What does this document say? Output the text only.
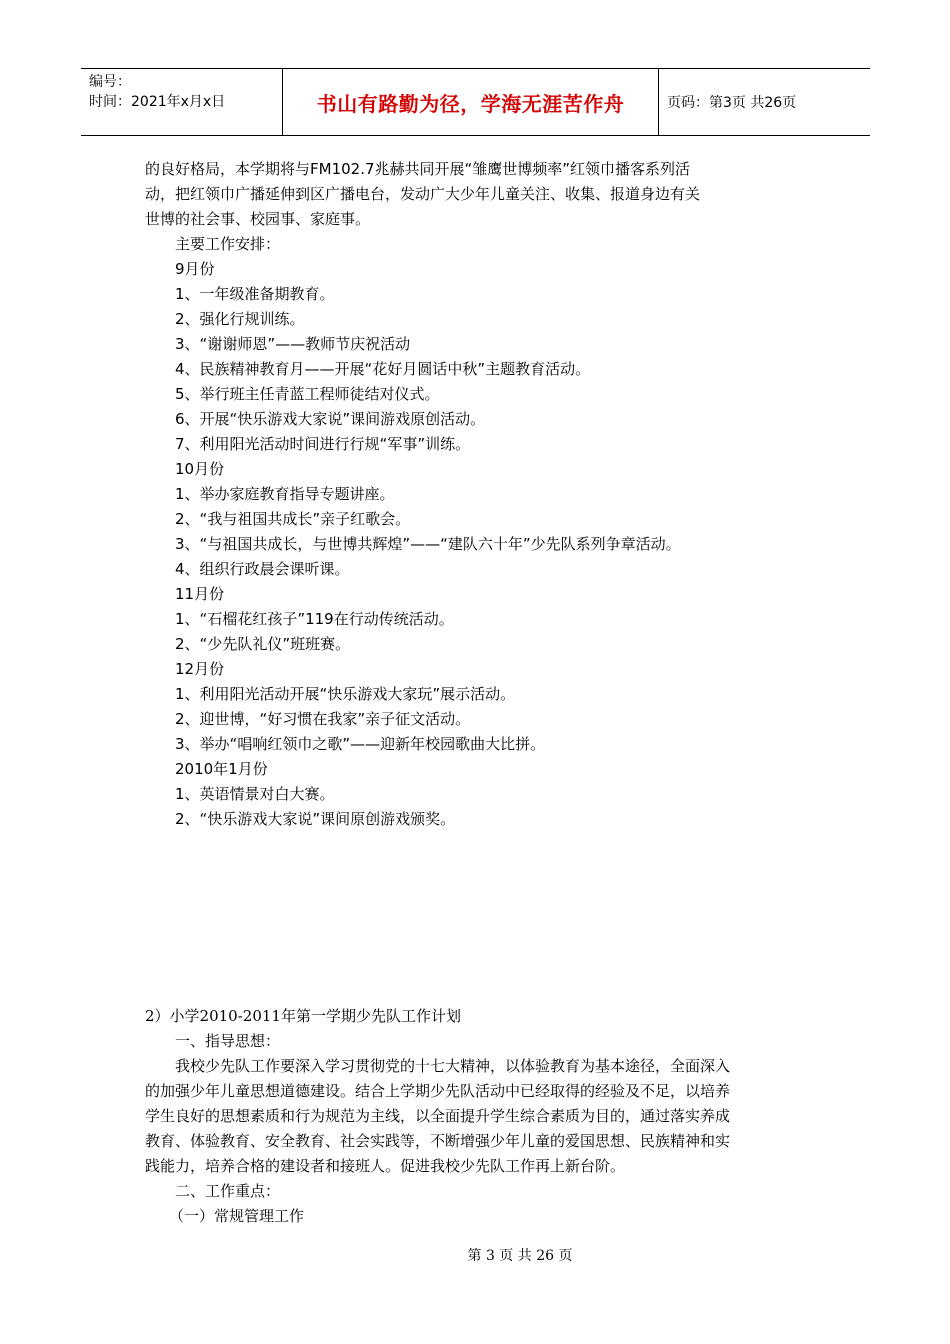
编号：
时间：2021年x月x日	书山有路勤为径，学海无涯苦作舟	页码：第3页 共26页

的良好格局，本学期将与FM102.7兆赫共同开展“雏鹰世博频率”红领巾播客系列活

动，把红领巾广播延伸到区广播电台，发动广大少年儿童关注、收集、报道身边有关

世博的社会事、校园事、家庭事。

主要工作安排：

9月份

1、一年级准备期教育。

2、强化行规训练。

3、“谢谢师恩”——教师节庆祝活动

4、民族精神教育月——开展“花好月圆话中秋”主题教育活动。

5、举行班主任青蓝工程师徒结对仪式。

6、开展“快乐游戏大家说”课间游戏原创活动。

7、利用阳光活动时间进行行规“军事”训练。

10月份

1、举办家庭教育指导专题讲座。

2、“我与祖国共成长”亲子红歌会。

3、“与祖国共成长，与世博共辉煌”——“建队六十年”少先队系列争章活动。

4、组织行政晨会课听课。

11月份

1、“石榴花红孩子”119在行动传统活动。

2、“少先队礼仪”班班赛。

12月份

1、利用阳光活动开展“快乐游戏大家玩”展示活动。

2、迎世博，“好习惯在我家”亲子征文活动。

3、举办“唱响红领巾之歌”——迎新年校园歌曲大比拼。

2010年1月份

1、英语情景对白大赛。

2、“快乐游戏大家说”课间原创游戏颁奖。

2）小学2010-2011年第一学期少先队工作计划

一、指导思想：

我校少先队工作要深入学习贯彻党的十七大精神，以体验教育为基本途径，全面深入

的加强少年儿童思想道德建设。结合上学期少先队活动中已经取得的经验及不足，以培养

学生良好的思想素质和行为规范为主线，以全面提升学生综合素质为目的，通过落实养成

教育、体验教育、安全教育、社会实践等，不断增强少年儿童的爱国思想、民族精神和实

践能力，培养合格的建设者和接班人。促进我校少先队工作再上新台阶。

二、工作重点：

（一）常规管理工作

第 3 页 共 26 页
